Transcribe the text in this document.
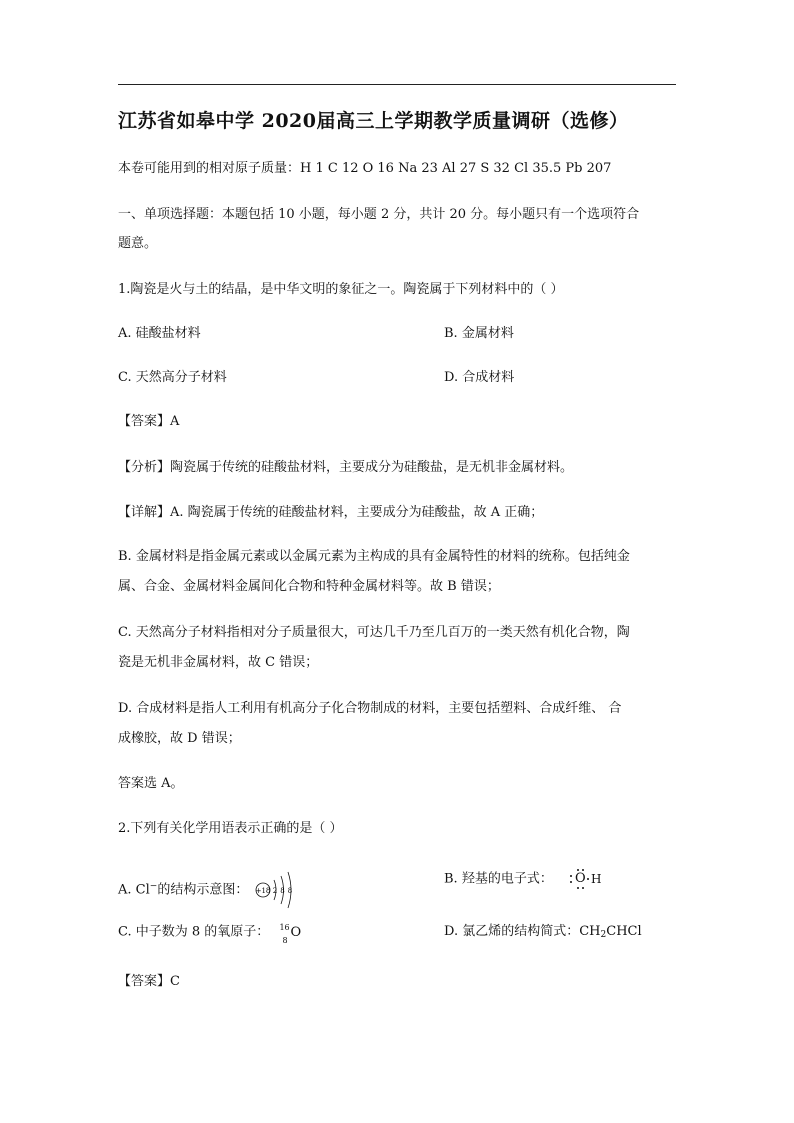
江苏省如皋中学 2020届高三上学期教学质量调研（选修）
本卷可能用到的相对原子质量：H 1 C 12 O 16 Na 23 Al 27 S 32 Cl 35.5 Pb 207
一、单项选择题：本题包括 10 小题，每小题 2 分，共计 20 分。每小题只有一个选项符合
题意。
1.陶瓷是火与土的结晶，是中华文明的象征之一。陶瓷属于下列材料中的（ ）
A. 硅酸盐材料	B. 金属材料
C. 天然高分子材料	D. 合成材料
【答案】A
【分析】陶瓷属于传统的硅酸盐材料，主要成分为硅酸盐，是无机非金属材料。
【详解】A. 陶瓷属于传统的硅酸盐材料，主要成分为硅酸盐，故 A 正确；
B. 金属材料是指金属元素或以金属元素为主构成的具有金属特性的材料的统称。包括纯金
属、合金、金属材料金属间化合物和特种金属材料等。故 B 错误；
C. 天然高分子材料指相对分子质量很大，可达几千乃至几百万的一类天然有机化合物，陶
瓷是无机非金属材料，故 C 错误；
D. 合成材料是指人工利用有机高分子化合物制成的材料，主要包括塑料、合成纤维、 合
成橡胶，故 D 错误；
答案选 A。
2.下列有关化学用语表示正确的是（ ）
A. Cl−的结构示意图： +18 2 8 8
B. 羟基的电子式： O H
C. 中子数为 8 的氧原子： 16
8
O	D. 氯乙烯的结构简式：$CH_2CHCl$
【答案】C
